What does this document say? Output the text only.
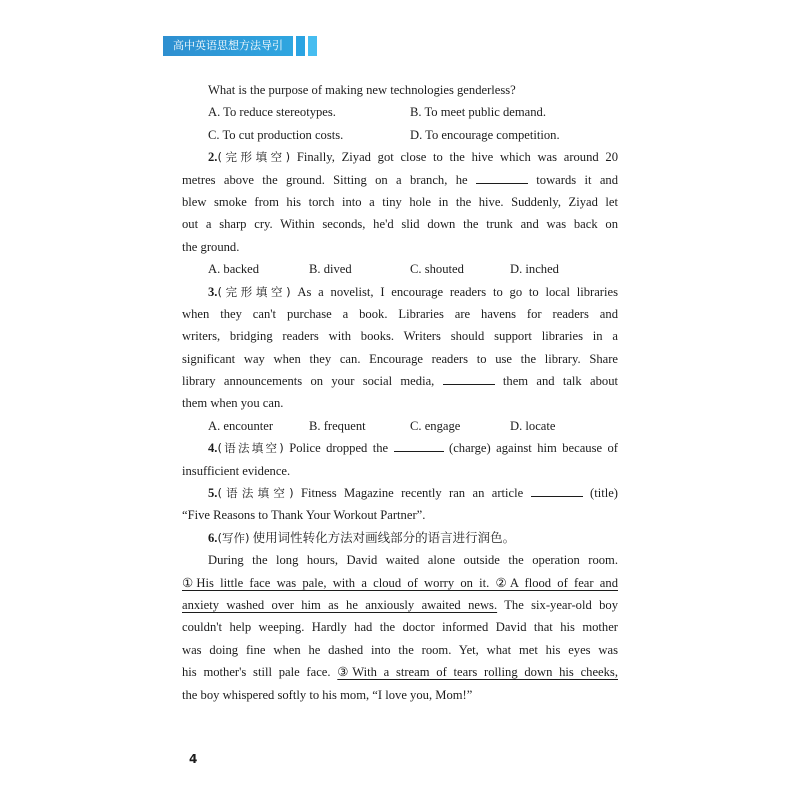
高中英语思想方法导引
What is the purpose of making new technologies genderless?
A. To reduce stereotypes.	B. To meet public demand.
C. To cut production costs.	D. To encourage competition.
2.(完形填空) Finally, Ziyad got close to the hive which was around 20
metres above the ground. Sitting on a branch, he	towards it and
blew smoke from his torch into a tiny hole in the hive. Suddenly, Ziyad let
out a sharp cry. Within seconds, he'd slid down the trunk and was back on
the ground.
A. backed	B. dived	C. shouted	D. inched
3.(完形填空) As a novelist, I encourage readers to go to local libraries
when they can't purchase a book. Libraries are havens for readers and
writers, bridging readers with books. Writers should support libraries in a
significant way when they can. Encourage readers to use the library. Share
library announcements on your social media,	them and talk about
them when you can.
A. encounter	B. frequent	C. engage	D. locate
4.(语法填空) Police dropped the	(charge) against him because of
insufficient evidence.
5.(语法填空) Fitness Magazine recently ran an article	(title)
“Five Reasons to Thank Your Workout Partner”.
6.(写作) 使用词性转化方法对画线部分的语言进行润色。
During the long hours, David waited alone outside the operation room.
①His little face was pale, with a cloud of worry on it. ②A flood of fear and
anxiety washed over him as he anxiously awaited news. The six-year-old boy
couldn't help weeping. Hardly had the doctor informed David that his mother
was doing fine when he dashed into the room. Yet, what met his eyes was
his mother's still pale face. ③With a stream of tears rolling down his cheeks,
the boy whispered softly to his mom, “I love you, Mom!”
4
